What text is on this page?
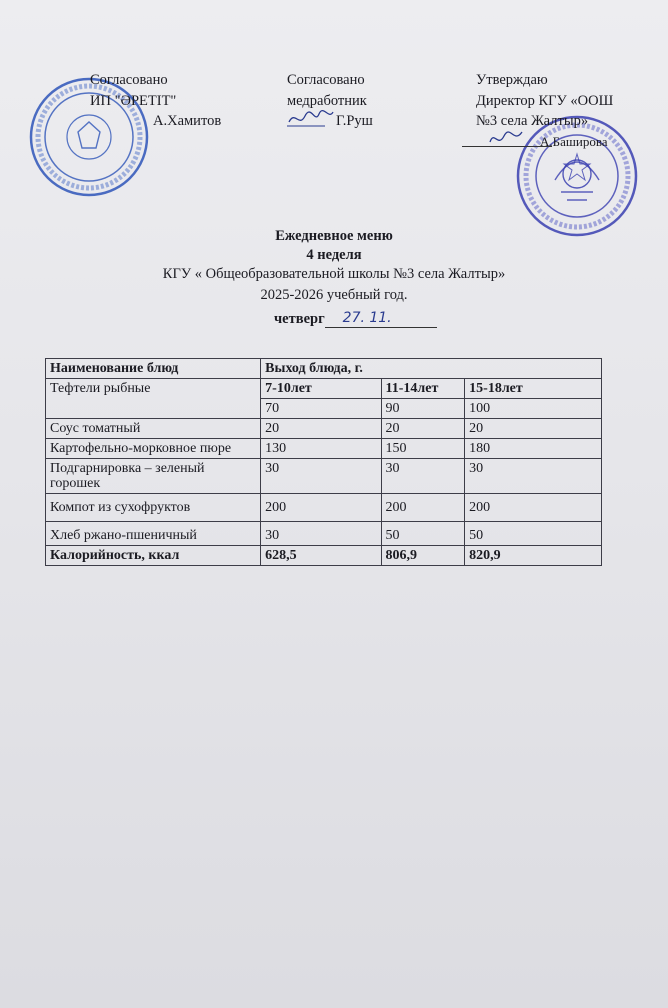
Согласовано
ИП "ӘРЕТІТ"
А.Хамитов
Согласовано
медработник
Г.Руш
Утверждаю
Директор КГУ «ООШ
№3 села Жалтыр»
А.Баширова
Ежедневное меню
4 неделя
КГУ « Общеобразовательной школы №3 села Жалтыр»
2025-2026 учебный год.
четверг 27. 11.
Наименование блюд	Выход блюда, г.		
Тефтели рыбные	7-10лет	11-14лет	15-18лет
	70	90	100
Соус томатный	20	20	20
Картофельно-морковное пюре	130	150	180
Подгарнировка – зеленый горошек	30	30	30
Компот из сухофруктов	200	200	200
Хлеб ржано-пшеничный	30	50	50
Калорийность, ккал	628,5	806,9	820,9
